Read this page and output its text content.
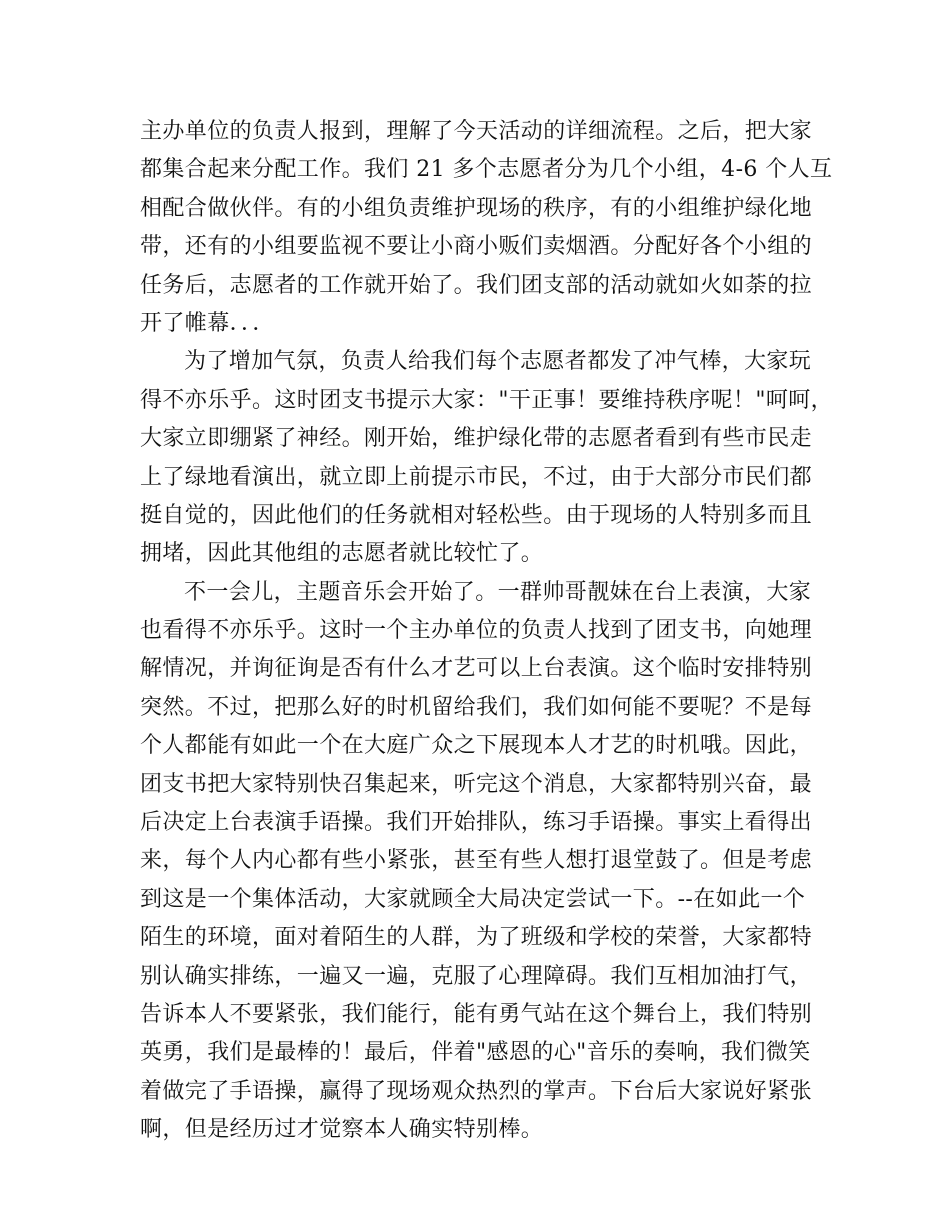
主办单位的负责人报到，理解了今天活动的详细流程。之后，把大家
都集合起来分配工作。我们 21 多个志愿者分为几个小组，4-6 个人互
相配合做伙伴。有的小组负责维护现场的秩序，有的小组维护绿化地
带，还有的小组要监视不要让小商小贩们卖烟酒。分配好各个小组的
任务后，志愿者的工作就开始了。我们团支部的活动就如火如荼的拉
开了帷幕．．．
为了增加气氛，负责人给我们每个志愿者都发了冲气棒，大家玩
得不亦乐乎。这时团支书提示大家："干正事！要维持秩序呢！"呵呵，
大家立即绷紧了神经。刚开始，维护绿化带的志愿者看到有些市民走
上了绿地看演出，就立即上前提示市民，不过，由于大部分市民们都
挺自觉的，因此他们的任务就相对轻松些。由于现场的人特别多而且
拥堵，因此其他组的志愿者就比较忙了。
不一会儿，主题音乐会开始了。一群帅哥靓妹在台上表演，大家
也看得不亦乐乎。这时一个主办单位的负责人找到了团支书，向她理
解情况，并询征询是否有什么才艺可以上台表演。这个临时安排特别
突然。不过，把那么好的时机留给我们，我们如何能不要呢？不是每
个人都能有如此一个在大庭广众之下展现本人才艺的时机哦。因此，
团支书把大家特别快召集起来，听完这个消息，大家都特别兴奋，最
后决定上台表演手语操。我们开始排队，练习手语操。事实上看得出
来，每个人内心都有些小紧张，甚至有些人想打退堂鼓了。但是考虑
到这是一个集体活动，大家就顾全大局决定尝试一下。--在如此一个
陌生的环境，面对着陌生的人群，为了班级和学校的荣誉，大家都特
别认确实排练，一遍又一遍，克服了心理障碍。我们互相加油打气，
告诉本人不要紧张，我们能行，能有勇气站在这个舞台上，我们特别
英勇，我们是最棒的！最后，伴着"感恩的心"音乐的奏响，我们微笑
着做完了手语操，赢得了现场观众热烈的掌声。下台后大家说好紧张
啊，但是经历过才觉察本人确实特别棒。
